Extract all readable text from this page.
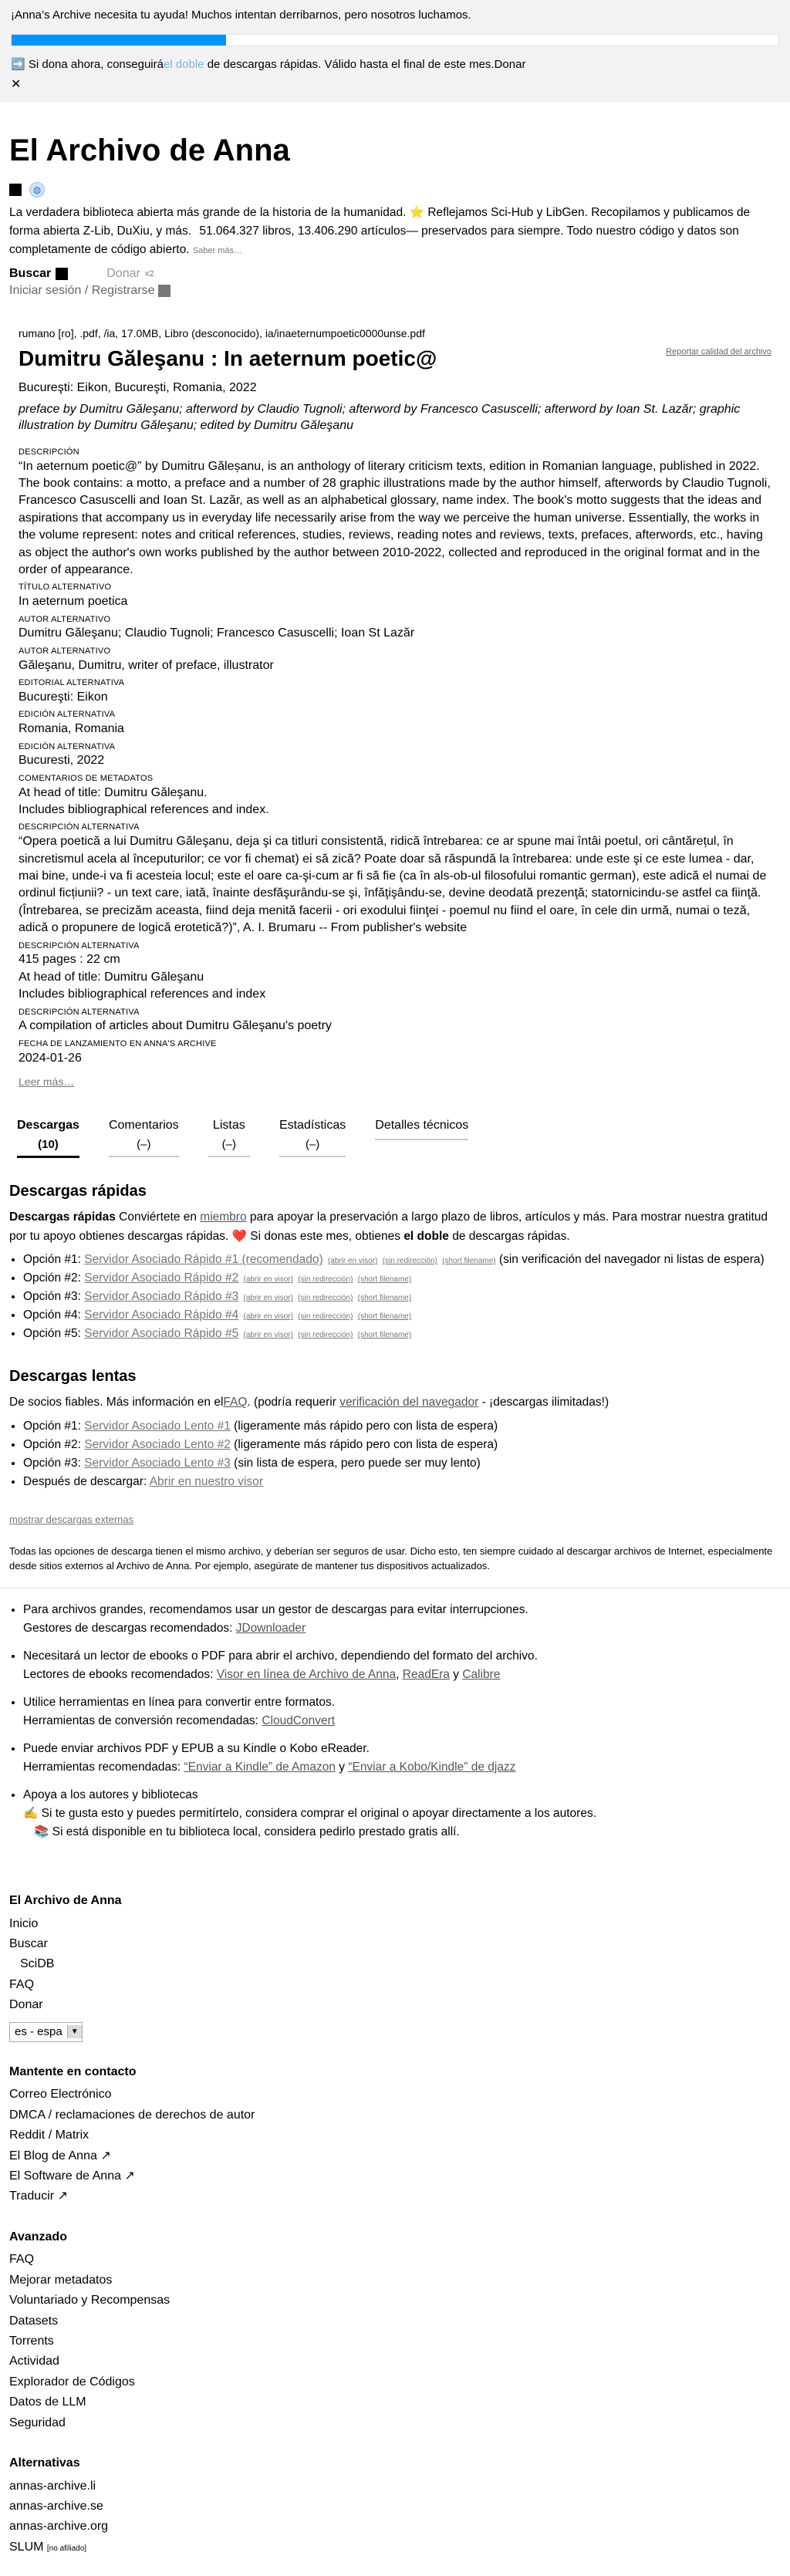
¡Anna’s Archive necesita tu ayuda! Muchos intentan derribarnos, pero nosotros luchamos.
➡️ Si dona ahora, conseguiráel doble de descargas rápidas. Válido hasta el final de este mes.Donar
✕
El Archivo de Anna
◍

La verdadera biblioteca abierta más grande de la historia de la humanidad. ⭐️ Reflejamos Sci-Hub y LibGen. Recopilamos y publicamos de forma abierta Z-Lib, DuXiu, y más. 51.064.327 libros, 13.406.290 artículos— preservados para siempre. Todo nuestro código y datos son completamente de código abierto. Saber más…

Buscar	Donar x2
Iniciar sesión / Registrarse
rumano [ro], .pdf, /ia, 17.0MB, Libro (desconocido), ia/inaeternumpoetic0000unse.pdf
Reportar calidad del archivo
Dumitru Găleşanu : In aeternum poetic@
Bucureşti: Eikon, Bucureşti, Romania, 2022
preface by Dumitru Găleşanu; afterword by Claudio Tugnoli; afterword by Francesco Casuscelli; afterword by Ioan St. Lazăr; graphic illustration by Dumitru Găleşanu; edited by Dumitru Găleşanu
DESCRIPCIÓN

“In aeternum poetic@” by Dumitru Găleșanu, is an anthology of literary criticism texts, edition in Romanian language, published in 2022. The book contains: a motto, a preface and a number of 28 graphic illustrations made by the author himself, afterwords by Claudio Tugnoli, Francesco Casuscelli and Ioan St. Lazăr, as well as an alphabetical glossary, name index. The book's motto suggests that the ideas and aspirations that accompany us in everyday life necessarily arise from the way we perceive the human universe. Essentially, the works in the volume represent: notes and critical references, studies, reviews, reading notes and reviews, texts, prefaces, afterwords, etc., having as object the author's own works published by the author between 2010-2022, collected and reproduced in the original format and in the order of appearance.

TÍTULO ALTERNATIVO

In aeternum poetica

AUTOR ALTERNATIVO

Dumitru Găleşanu; Claudio Tugnoli; Francesco Casuscelli; Ioan St Lazăr

AUTOR ALTERNATIVO

Găleşanu, Dumitru, writer of preface, illustrator

EDITORIAL ALTERNATIVA

Bucureşti: Eikon

EDICIÓN ALTERNATIVA

Romania, Romania

EDICIÓN ALTERNATIVA

Bucuresti, 2022

COMENTARIOS DE METADATOS

At head of title: Dumitru Găleşanu.

Includes bibliographical references and index.

DESCRIPCIÓN ALTERNATIVA

“Opera poetică a lui Dumitru Găleşanu, deja şi ca titluri consistentă, ridică întrebarea: ce ar spune mai întâi poetul, ori cântărețul, în sincretismul acela al începuturilor; ce vor fi chemat) ei să zică? Poate doar să răspundă la întrebarea: unde este şi ce este lumea - dar, mai bine, unde-i va fi acesteia locul; este el oare ca-şi-cum ar fi să fie (ca în als-ob-ul filosofului romantic german), este adică el numai de ordinul ficțiunii? - un text care, iată, înainte desfăşurându-se şi, înfăţişându-se, devine deodată prezenţă; statornicindu-se astfel ca fiinţă. (Întrebarea, se precizăm aceasta, fiind deja menită facerii - ori exodului fiinţei - poemul nu fiind el oare, în cele din urmă, numai o teză, adică o propunere de logică erotetică?)”, A. I. Brumaru -- From publisher's website

DESCRIPCIÓN ALTERNATIVA

415 pages : 22 cm

At head of title: Dumitru Găleşanu

Includes bibliographical references and index

DESCRIPCIÓN ALTERNATIVA

A compilation of articles about Dumitru Găleşanu's poetry

FECHA DE LANZAMIENTO EN ANNA'S ARCHIVE

2024-01-26

Leer más…
Descargas
(10)
Comentarios
(–)
Listas
(–)
Estadísticas
(–)
Detalles técnicos
Descargas rápidas
Descargas rápidas Conviértete en miembro para apoyar la preservación a largo plazo de libros, artículos y más. Para mostrar nuestra gratitud por tu apoyo obtienes descargas rápidas. ❤️ Si donas este mes, obtienes el doble de descargas rápidas.
• Opción #1: Servidor Asociado Rápido #1 (recomendado) (abrir en visor) (sin redirección) (short filename) (sin verificación del navegador ni listas de espera)
• Opción #2: Servidor Asociado Rápido #2 (abrir en visor) (sin redirección) (short filename)
• Opción #3: Servidor Asociado Rápido #3 (abrir en visor) (sin redirección) (short filename)
• Opción #4: Servidor Asociado Rápido #4 (abrir en visor) (sin redirección) (short filename)
• Opción #5: Servidor Asociado Rápido #5 (abrir en visor) (sin redirección) (short filename)
Descargas lentas
De socios fiables. Más información en elFAQ. (podría requerir verificación del navegador - ¡descargas ilimitadas!)
• Opción #1: Servidor Asociado Lento #1 (ligeramente más rápido pero con lista de espera)
• Opción #2: Servidor Asociado Lento #2 (ligeramente más rápido pero con lista de espera)
• Opción #3: Servidor Asociado Lento #3 (sin lista de espera, pero puede ser muy lento)
• Después de descargar: Abrir en nuestro visor
mostrar descargas externas
Todas las opciones de descarga tienen el mismo archivo, y deberían ser seguros de usar. Dicho esto, ten siempre cuidado al descargar archivos de Internet, especialmente desde sitios externos al Archivo de Anna. Por ejemplo, asegúrate de mantener tus dispositivos actualizados.
• Para archivos grandes, recomendamos usar un gestor de descargas para evitar interrupciones.
Gestores de descargas recomendados: JDownloader
• Necesitará un lector de ebooks o PDF para abrir el archivo, dependiendo del formato del archivo.
Lectores de ebooks recomendados: Visor en línea de Archivo de Anna, ReadEra y Calibre
• Utilice herramientas en línea para convertir entre formatos.
Herramientas de conversión recomendadas: CloudConvert
• Puede enviar archivos PDF y EPUB a su Kindle o Kobo eReader.
Herramientas recomendadas: “Enviar a Kindle” de Amazon y “Enviar a Kobo/Kindle” de djazz
• Apoya a los autores y bibliotecas
✍️ Si te gusta esto y puedes permitírtelo, considera comprar el original o apoyar directamente a los autores.
📚 Si está disponible en tu biblioteca local, considera pedirlo prestado gratis allí.
El Archivo de Anna
Inicio
Buscar
SciDB
FAQ
Donar
es - espa	▼
Mantente en contacto
Correo Electrónico
DMCA / reclamaciones de derechos de autor
Reddit / Matrix
El Blog de Anna ↗
El Software de Anna ↗
Traducir ↗
Avanzado
FAQ
Mejorar metadatos
Voluntariado y Recompensas
Datasets
Torrents
Actividad
Explorador de Códigos
Datos de LLM
Seguridad
Alternativas
annas-archive.li
annas-archive.se
annas-archive.org
SLUM [no afiliado]
